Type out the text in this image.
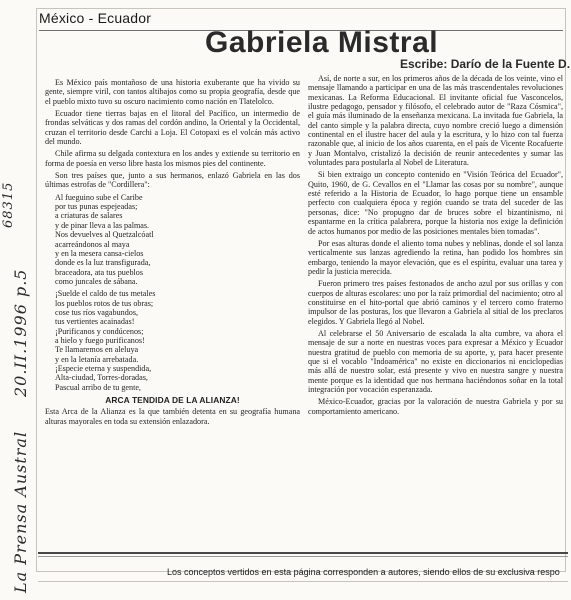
68315
La Prensa Austral
20.II.1996 p.5
México - Ecuador
Gabriela Mistral
Escribe: Darío de la Fuente D.

Es México país montañoso de una historia exuberante que ha vivido su gente, siempre viril, con tantos altibajos como su propia geografía, desde que el pueblo mixto tuvo su oscuro nacimiento como nación en Tlatelolco.

Ecuador tiene tierras bajas en el litoral del Pacífico, un intermedio de frondas selváticas y dos ramas del cordón andino, la Oriental y la Occidental, cruzan el territorio desde Carchi a Loja. El Cotopaxi es el volcán más activo del mundo.

Chile afirma su delgada contextura en los andes y extiende su territorio en forma de poesía en verso libre hasta los mismos pies del continente.

Son tres países que, junto a sus hermanos, enlazó Gabriela en las dos últimas estrofas de "Cordillera":

Al fueguino sube el Caribe
por tus punas espejeadas;
a criaturas de salares
y de pinar lleva a las palmas.
Nos devuelves al Quetzalcóatl
acarreándonos al maya
y en la mesera cansa-cielos
donde es la luz transfigurada,
braceadora, ata tus pueblos
como juncales de sábana.
¡Suelde el caldo de tus metales
los pueblos rotos de tus obras;
cose tus ríos vagabundos,
tus vertientes acainadas!
¡Purificanos y condúcenos;
a hielo y fuego purificanos!
Te llamaremos en aleluya
y en la letanía arrebatada.
¡Especie eterna y suspendida,
Alta-ciudad, Torres-doradas,
Pascual arribo de tu gente,
ARCA TENDIDA DE LA ALIANZA!

Esta Arca de la Alianza es la que también detenta en su geografía humana alturas mayorales en toda su extensión enlazadora.

Así, de norte a sur, en los primeros años de la década de los veinte, vino el mensaje llamando a participar en una de las más trascendentales revoluciones mexicanas. La Reforma Educacional. El invitante oficial fue Vasconcelos, ilustre pedagogo, pensador y filósofo, el celebrado autor de "Raza Cósmica", el guía más iluminado de la enseñanza mexicana. La invitada fue Gabriela, la del canto simple y la palabra directa, cuyo nombre creció luego a dimensión continental en el ilustre hacer del aula y la escritura, y lo hizo con tal fuerza razonable que, al inicio de los años cuarenta, en el país de Vicente Rocafuerte y Juan Montalvo, cristalizó la decisión de reunir antecedentes y sumar las voluntades para postularla al Nobel de Literatura.

Si bien extraigo un concepto contenido en "Visión Teórica del Ecuador", Quito, 1960, de G. Cevallos en el "Llamar las cosas por su nombre", aunque esté referido a la Historia de Ecuador, lo hago porque tiene un ensamble perfecto con cualquiera época y región cuando se trata del suceder de las personas, dice: "No propugno dar de bruces sobre el bizantinismo, ni espantarme en la crítica palabrera, porque la historia nos exige la definición de actos humanos por medio de las posiciones mentales bien tomadas".

Por esas alturas donde el aliento toma nubes y neblinas, donde el sol lanza verticalmente sus lanzas agrediendo la retina, han podido los hombres sin embargo, teniendo la mayor elevación, que es el espíritu, evaluar una tarea y pedir la justicia merecida.

Fueron primero tres países festonados de ancho azul por sus orillas y con cuerpos de alturas escolares: uno por la raíz primordial del nacimiento; otro al constituirse en el hito-portal que abrió caminos y el tercero como fraterno impulsor de las posturas, los que llevaron a Gabriela al sitial de los preclaros elegidos. Y Gabriela llegó al Nobel.

Al celebrarse el 50 Aniversario de escalada la alta cumbre, va ahora el mensaje de sur a norte en nuestras voces para expresar a México y Ecuador nuestra gratitud de pueblo con memoria de su aporte, y, para hacer presente que si el vocablo "Indoamérica" no existe en diccionarios ni enciclopedias más allá de nuestro solar, está presente y vivo en nuestra sangre y nuestra mente porque es la identidad que nos hermana haciéndonos soñar en la total integración por vocación esperanzada.

México-Ecuador, gracias por la valoración de nuestra Gabriela y por su comportamiento americano.

Los conceptos vertidos en esta página corresponden a autores, siendo ellos de su exclusiva respo
